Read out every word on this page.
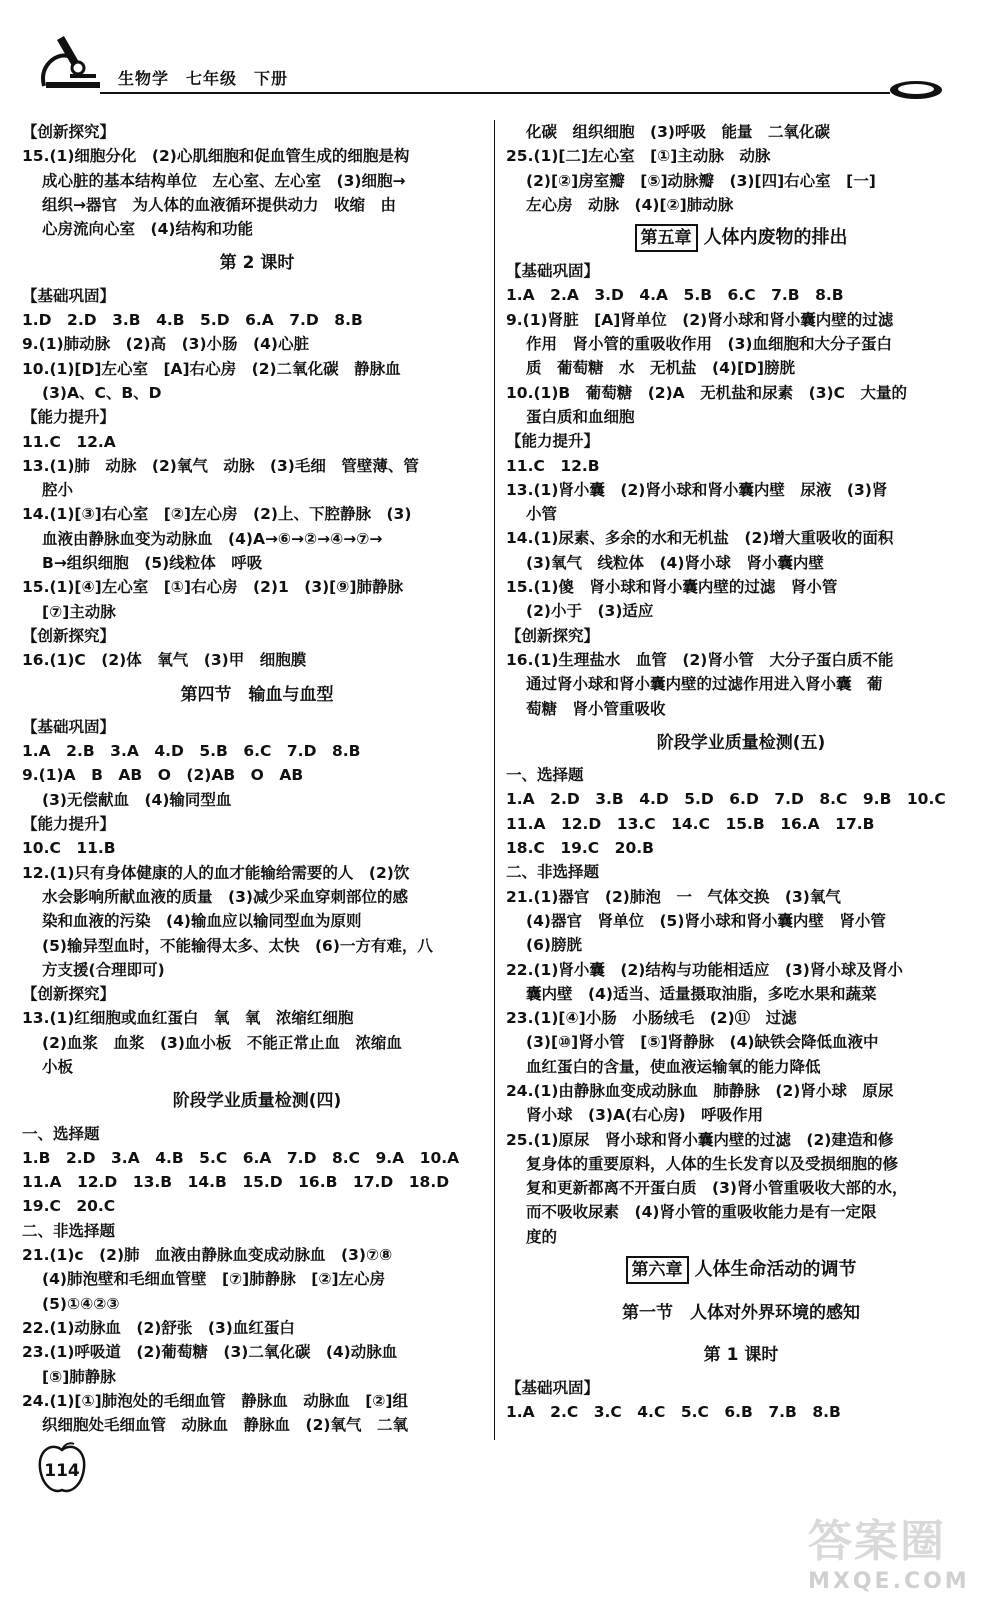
生物学　七年级　下册
【创新探究】
15.(1)细胞分化　(2)心肌细胞和促血管生成的细胞是构
成心脏的基本结构单位　左心室、左心室　(3)细胞→
组织→器官　为人体的血液循环提供动力　收缩　由
心房流向心室　(4)结构和功能
第 2 课时
【基础巩固】
1.D　2.D　3.B　4.B　5.D　6.A　7.D　8.B
9.(1)肺动脉　(2)高　(3)小肠　(4)心脏
10.(1)[D]左心室　[A]右心房　(2)二氧化碳　静脉血
(3)A、C、B、D
【能力提升】
11.C　12.A
13.(1)肺　动脉　(2)氧气　动脉　(3)毛细　管壁薄、管
腔小
14.(1)[③]右心室　[②]左心房　(2)上、下腔静脉　(3)
血液由静脉血变为动脉血　(4)A→⑥→②→④→⑦→
B→组织细胞　(5)线粒体　呼吸
15.(1)[④]左心室　[①]右心房　(2)1　(3)[⑨]肺静脉
[⑦]主动脉
【创新探究】
16.(1)C　(2)体　氧气　(3)甲　细胞膜
第四节　输血与血型
【基础巩固】
1.A　2.B　3.A　4.D　5.B　6.C　7.D　8.B
9.(1)A　B　AB　O　(2)AB　O　AB
(3)无偿献血　(4)输同型血
【能力提升】
10.C　11.B
12.(1)只有身体健康的人的血才能输给需要的人　(2)饮
水会影响所献血液的质量　(3)减少采血穿刺部位的感
染和血液的污染　(4)输血应以输同型血为原则
(5)输异型血时，不能输得太多、太快　(6)一方有难，八
方支援(合理即可)
【创新探究】
13.(1)红细胞或血红蛋白　氧　氧　浓缩红细胞
(2)血浆　血浆　(3)血小板　不能正常止血　浓缩血
小板
阶段学业质量检测(四)
一、选择题
1.B　2.D　3.A　4.B　5.C　6.A　7.D　8.C　9.A　10.A
11.A　12.D　13.B　14.B　15.D　16.B　17.D　18.D
19.C　20.C
二、非选择题
21.(1)c　(2)肺　血液由静脉血变成动脉血　(3)⑦⑧
(4)肺泡壁和毛细血管壁　[⑦]肺静脉　[②]左心房
(5)①④②③
22.(1)动脉血　(2)舒张　(3)血红蛋白
23.(1)呼吸道　(2)葡萄糖　(3)二氧化碳　(4)动脉血
[⑤]肺静脉
24.(1)[①]肺泡处的毛细血管　静脉血　动脉血　[②]组
织细胞处毛细血管　动脉血　静脉血　(2)氧气　二氧
化碳　组织细胞　(3)呼吸　能量　二氧化碳
25.(1)[二]左心室　[①]主动脉　动脉
(2)[②]房室瓣　[⑤]动脉瓣　(3)[四]右心室　[一]
左心房　动脉　(4)[②]肺动脉
第五章 人体内废物的排出
【基础巩固】
1.A　2.A　3.D　4.A　5.B　6.C　7.B　8.B
9.(1)肾脏　[A]肾单位　(2)肾小球和肾小囊内壁的过滤
作用　肾小管的重吸收作用　(3)血细胞和大分子蛋白
质　葡萄糖　水　无机盐　(4)[D]膀胱
10.(1)B　葡萄糖　(2)A　无机盐和尿素　(3)C　大量的
蛋白质和血细胞
【能力提升】
11.C　12.B
13.(1)肾小囊　(2)肾小球和肾小囊内壁　尿液　(3)肾
小管
14.(1)尿素、多余的水和无机盐　(2)增大重吸收的面积
(3)氧气　线粒体　(4)肾小球　肾小囊内壁
15.(1)傻　肾小球和肾小囊内壁的过滤　肾小管
(2)小于　(3)适应
【创新探究】
16.(1)生理盐水　血管　(2)肾小管　大分子蛋白质不能
通过肾小球和肾小囊内壁的过滤作用进入肾小囊　葡
萄糖　肾小管重吸收
阶段学业质量检测(五)
一、选择题
1.A　2.D　3.B　4.D　5.D　6.D　7.D　8.C　9.B　10.C
11.A　12.D　13.C　14.C　15.B　16.A　17.B
18.C　19.C　20.B
二、非选择题
21.(1)器官　(2)肺泡　一　气体交换　(3)氧气
(4)器官　肾单位　(5)肾小球和肾小囊内壁　肾小管
(6)膀胱
22.(1)肾小囊　(2)结构与功能相适应　(3)肾小球及肾小
囊内壁　(4)适当、适量摄取油脂，多吃水果和蔬菜
23.(1)[④]小肠　小肠绒毛　(2)⑪　过滤
(3)[⑩]肾小管　[⑤]肾静脉　(4)缺铁会降低血液中
血红蛋白的含量，使血液运输氧的能力降低
24.(1)由静脉血变成动脉血　肺静脉　(2)肾小球　原尿
肾小球　(3)A(右心房)　呼吸作用
25.(1)原尿　肾小球和肾小囊内壁的过滤　(2)建造和修
复身体的重要原料，人体的生长发育以及受损细胞的修
复和更新都离不开蛋白质　(3)肾小管重吸收大部的水，
而不吸收尿素　(4)肾小管的重吸收能力是有一定限
度的
第六章 人体生命活动的调节
第一节　人体对外界环境的感知
第 1 课时
【基础巩固】
1.A　2.C　3.C　4.C　5.C　6.B　7.B　8.B
114
答案圈
MXQE.COM
